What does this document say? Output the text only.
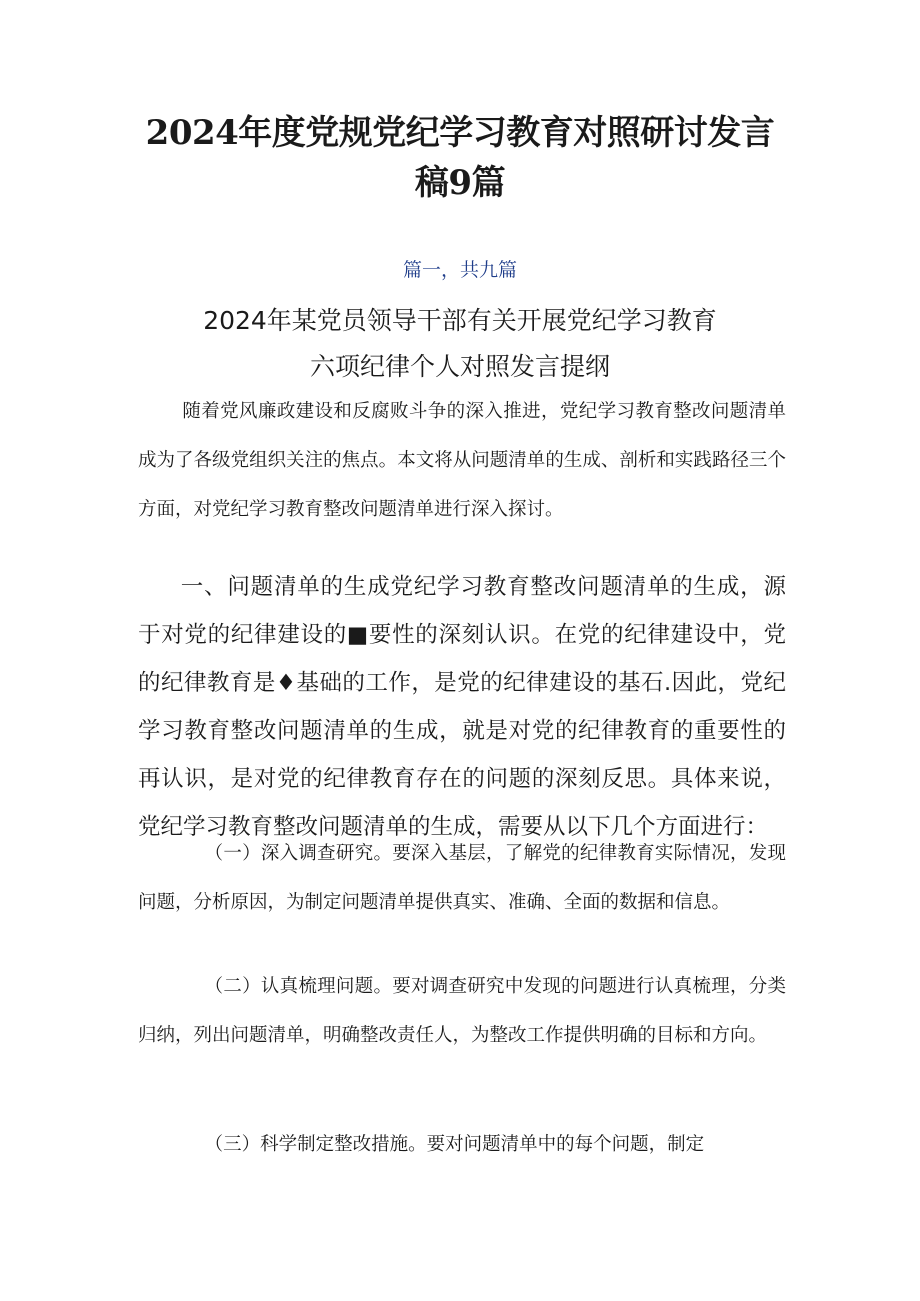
2024年度党规党纪学习教育对照研讨发言
稿9篇
篇一，共九篇
2024年某党员领导干部有关开展党纪学习教育
六项纪律个人对照发言提纲

随着党风廉政建设和反腐败斗争的深入推进，党纪学习教育整改问题清单成为了各级党组织关注的焦点。本文将从问题清单的生成、剖析和实践路径三个方面，对党纪学习教育整改问题清单进行深入探讨。

一、问题清单的生成党纪学习教育整改问题清单的生成，源于对党的纪律建设的■要性的深刻认识。在党的纪律建设中，党的纪律教育是♦基础的工作，是党的纪律建设的基石.因此，党纪学习教育整改问题清单的生成，就是对党的纪律教育的重要性的再认识，是对党的纪律教育存在的问题的深刻反思。具体来说，党纪学习教育整改问题清单的生成，需要从以下几个方面进行：

（一）深入调查研究。要深入基层，了解党的纪律教育实际情况，发现问题，分析原因，为制定问题清单提供真实、准确、全面的数据和信息。

（二）认真梳理问题。要对调查研究中发现的问题进行认真梳理，分类归纳，列出问题清单，明确整改责任人，为整改工作提供明确的目标和方向。

（三）科学制定整改措施。要对问题清单中的每个问题，制定
